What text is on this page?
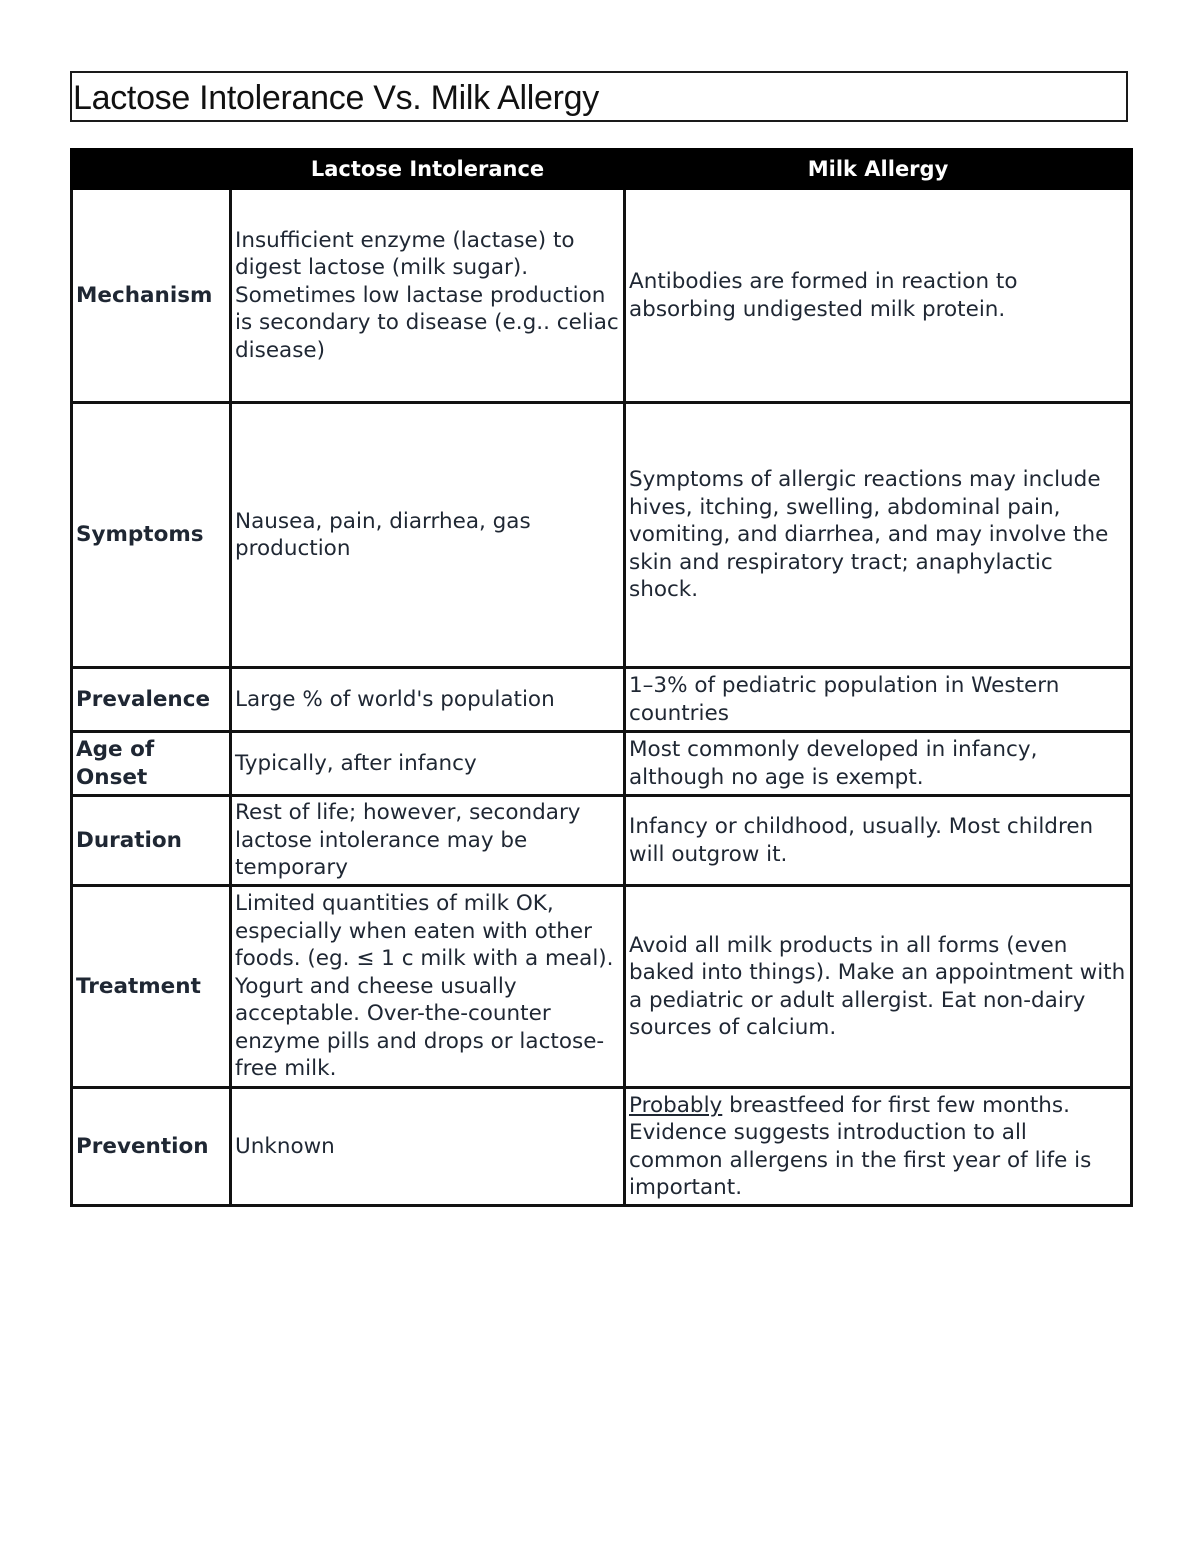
Lactose Intolerance Vs. Milk Allergy
	Lactose Intolerance	Milk Allergy
Mechanism	Insufficient enzyme (lactase) to digest lactose (milk sugar). Sometimes low lactase production is secondary to disease (e.g.. celiac disease)	Antibodies are formed in reaction to absorbing undigested milk protein.
Symptoms	Nausea, pain, diarrhea, gas production	Symptoms of allergic reactions may include hives, itching, swelling, abdominal pain, vomiting, and diarrhea, and may involve the skin and respiratory tract; anaphylactic shock.
Prevalence	Large % of world's population	1–3% of pediatric population in Western countries
Age of Onset	Typically, after infancy	Most commonly developed in infancy, although no age is exempt.
Duration	Rest of life; however, secondary lactose intolerance may be temporary	Infancy or childhood, usually. Most children will outgrow it.
Treatment	Limited quantities of milk OK, especially when eaten with other foods. (eg. ≤ 1 c milk with a meal). Yogurt and cheese usually acceptable. Over-the-counter enzyme pills and drops or lactose-free milk.	Avoid all milk products in all forms (even baked into things). Make an appointment with a pediatric or adult allergist. Eat non-dairy sources of calcium.
Prevention	Unknown	Probably breastfeed for first few months. Evidence suggests introduction to all common allergens in the first year of life is important.
